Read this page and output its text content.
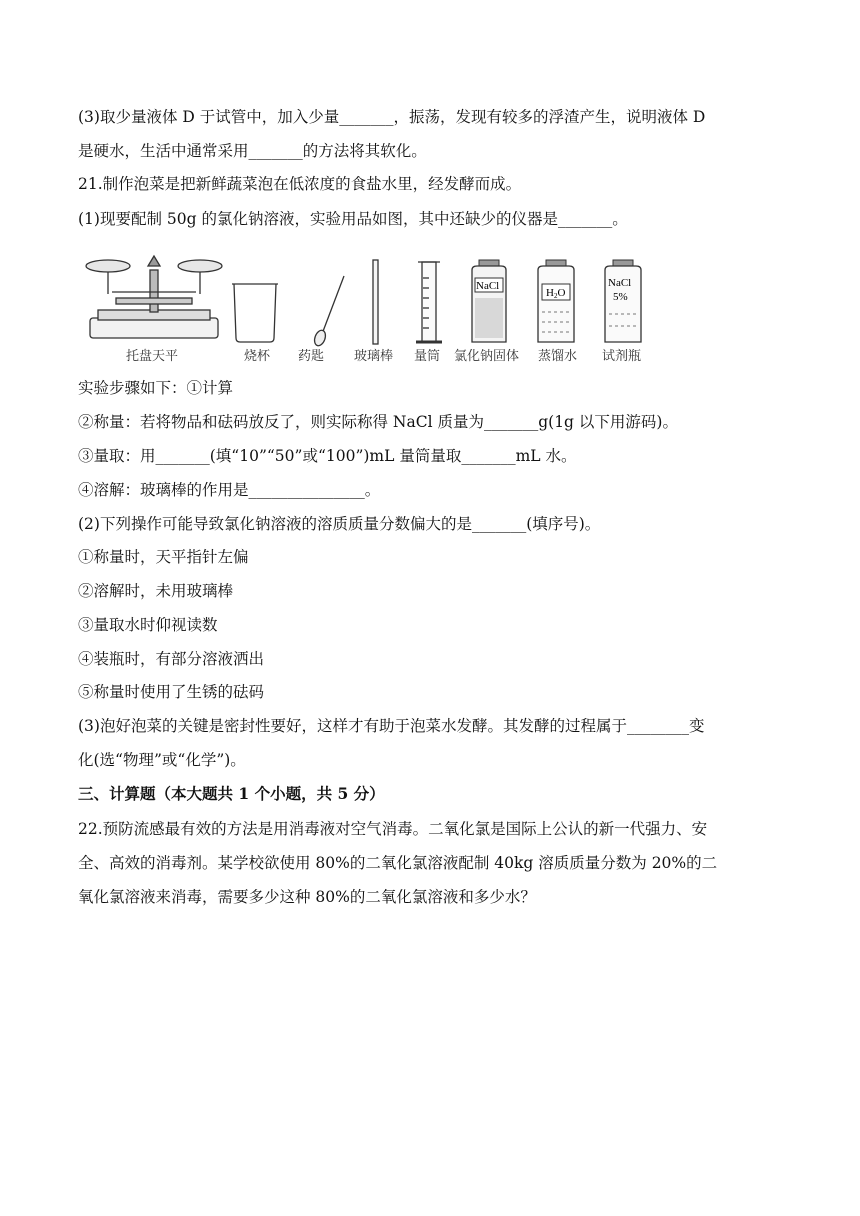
(3)取少量液体 D 于试管中，加入少量_______，振荡，发现有较多的浮渣产生，说明液体 D
是硬水，生活中通常采用_______的方法将其软化。
21.制作泡菜是把新鲜蔬菜泡在低浓度的食盐水里，经发酵而成。
(1)现要配制 50g 的氯化钠溶液，实验用品如图，其中还缺少的仪器是_______。
NaCl
H2O
NaCl
5%
托盘天平	烧杯 药匙 玻璃棒 量筒 氯化钠固体 蒸馏水 试剂瓶
实验步骤如下：①计算
②称量：若将物品和砝码放反了，则实际称得 NaCl 质量为_______g(1g 以下用游码)。
③量取：用_______(填“10”“50”或“100”)mL 量筒量取_______mL 水。
④溶解：玻璃棒的作用是_______________。
(2)下列操作可能导致氯化钠溶液的溶质质量分数偏大的是_______(填序号)。
①称量时，天平指针左偏
②溶解时，未用玻璃棒
③量取水时仰视读数
④装瓶时，有部分溶液洒出
⑤称量时使用了生锈的砝码
(3)泡好泡菜的关键是密封性要好，这样才有助于泡菜水发酵。其发酵的过程属于________变
化(选“物理”或“化学”)。
三、计算题（本大题共 1 个小题，共 5 分）
22.预防流感最有效的方法是用消毒液对空气消毒。二氧化氯是国际上公认的新一代强力、安
全、高效的消毒剂。某学校欲使用 80%的二氧化氯溶液配制 40kg 溶质质量分数为 20%的二
氧化氯溶液来消毒，需要多少这种 80%的二氧化氯溶液和多少水？
